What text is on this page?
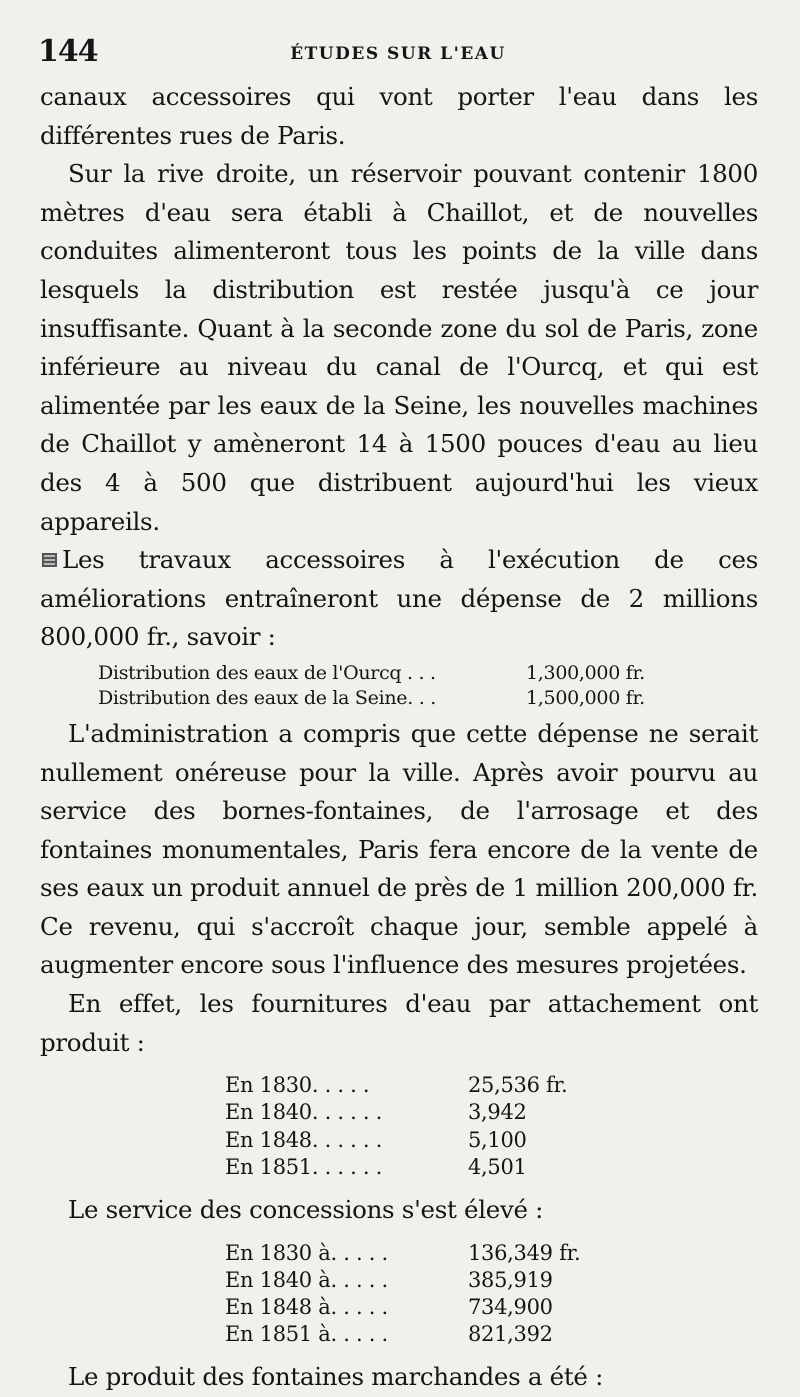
144	ÉTUDES SUR L'EAU

canaux accessoires qui vont porter l'eau dans les différentes rues de Paris.

Sur la rive droite, un réservoir pouvant contenir 1800 mètres d'eau sera établi à Chaillot, et de nouvelles conduites alimenteront tous les points de la ville dans lesquels la distribution est restée jusqu'à ce jour insuffisante. Quant à la seconde zone du sol de Paris, zone inférieure au niveau du canal de l'Ourcq, et qui est alimentée par les eaux de la Seine, les nouvelles machines de Chaillot y amèneront 14 à 1500 pouces d'eau au lieu des 4 à 500 que distribuent aujourd'hui les vieux appareils.

Les travaux accessoires à l'exécution de ces améliorations entraîneront une dépense de 2 millions 800,000 fr., savoir :

Distribution des eaux de l'Ourcq . . .	1,300,000 fr.
Distribution des eaux de la Seine. . .	1,500,000 fr.

L'administration a compris que cette dépense ne serait nullement onéreuse pour la ville. Après avoir pourvu au service des bornes-fontaines, de l'arrosage et des fontaines monumentales, Paris fera encore de la vente de ses eaux un produit annuel de près de 1 million 200,000 fr. Ce revenu, qui s'accroît chaque jour, semble appelé à augmenter encore sous l'influence des mesures projetées.

En effet, les fournitures d'eau par attachement ont produit :

En 1830. . . . .	25,536 fr.
En 1840. . . . . .	3,942
En 1848. . . . . .	5,100
En 1851. . . . . .	4,501

Le service des concessions s'est élevé :

En 1830 à. . . . .	136,349 fr.
En 1840 à. . . . .	385,919
En 1848 à. . . . .	734,900
En 1851 à. . . . .	821,392

Le produit des fontaines marchandes a été :
